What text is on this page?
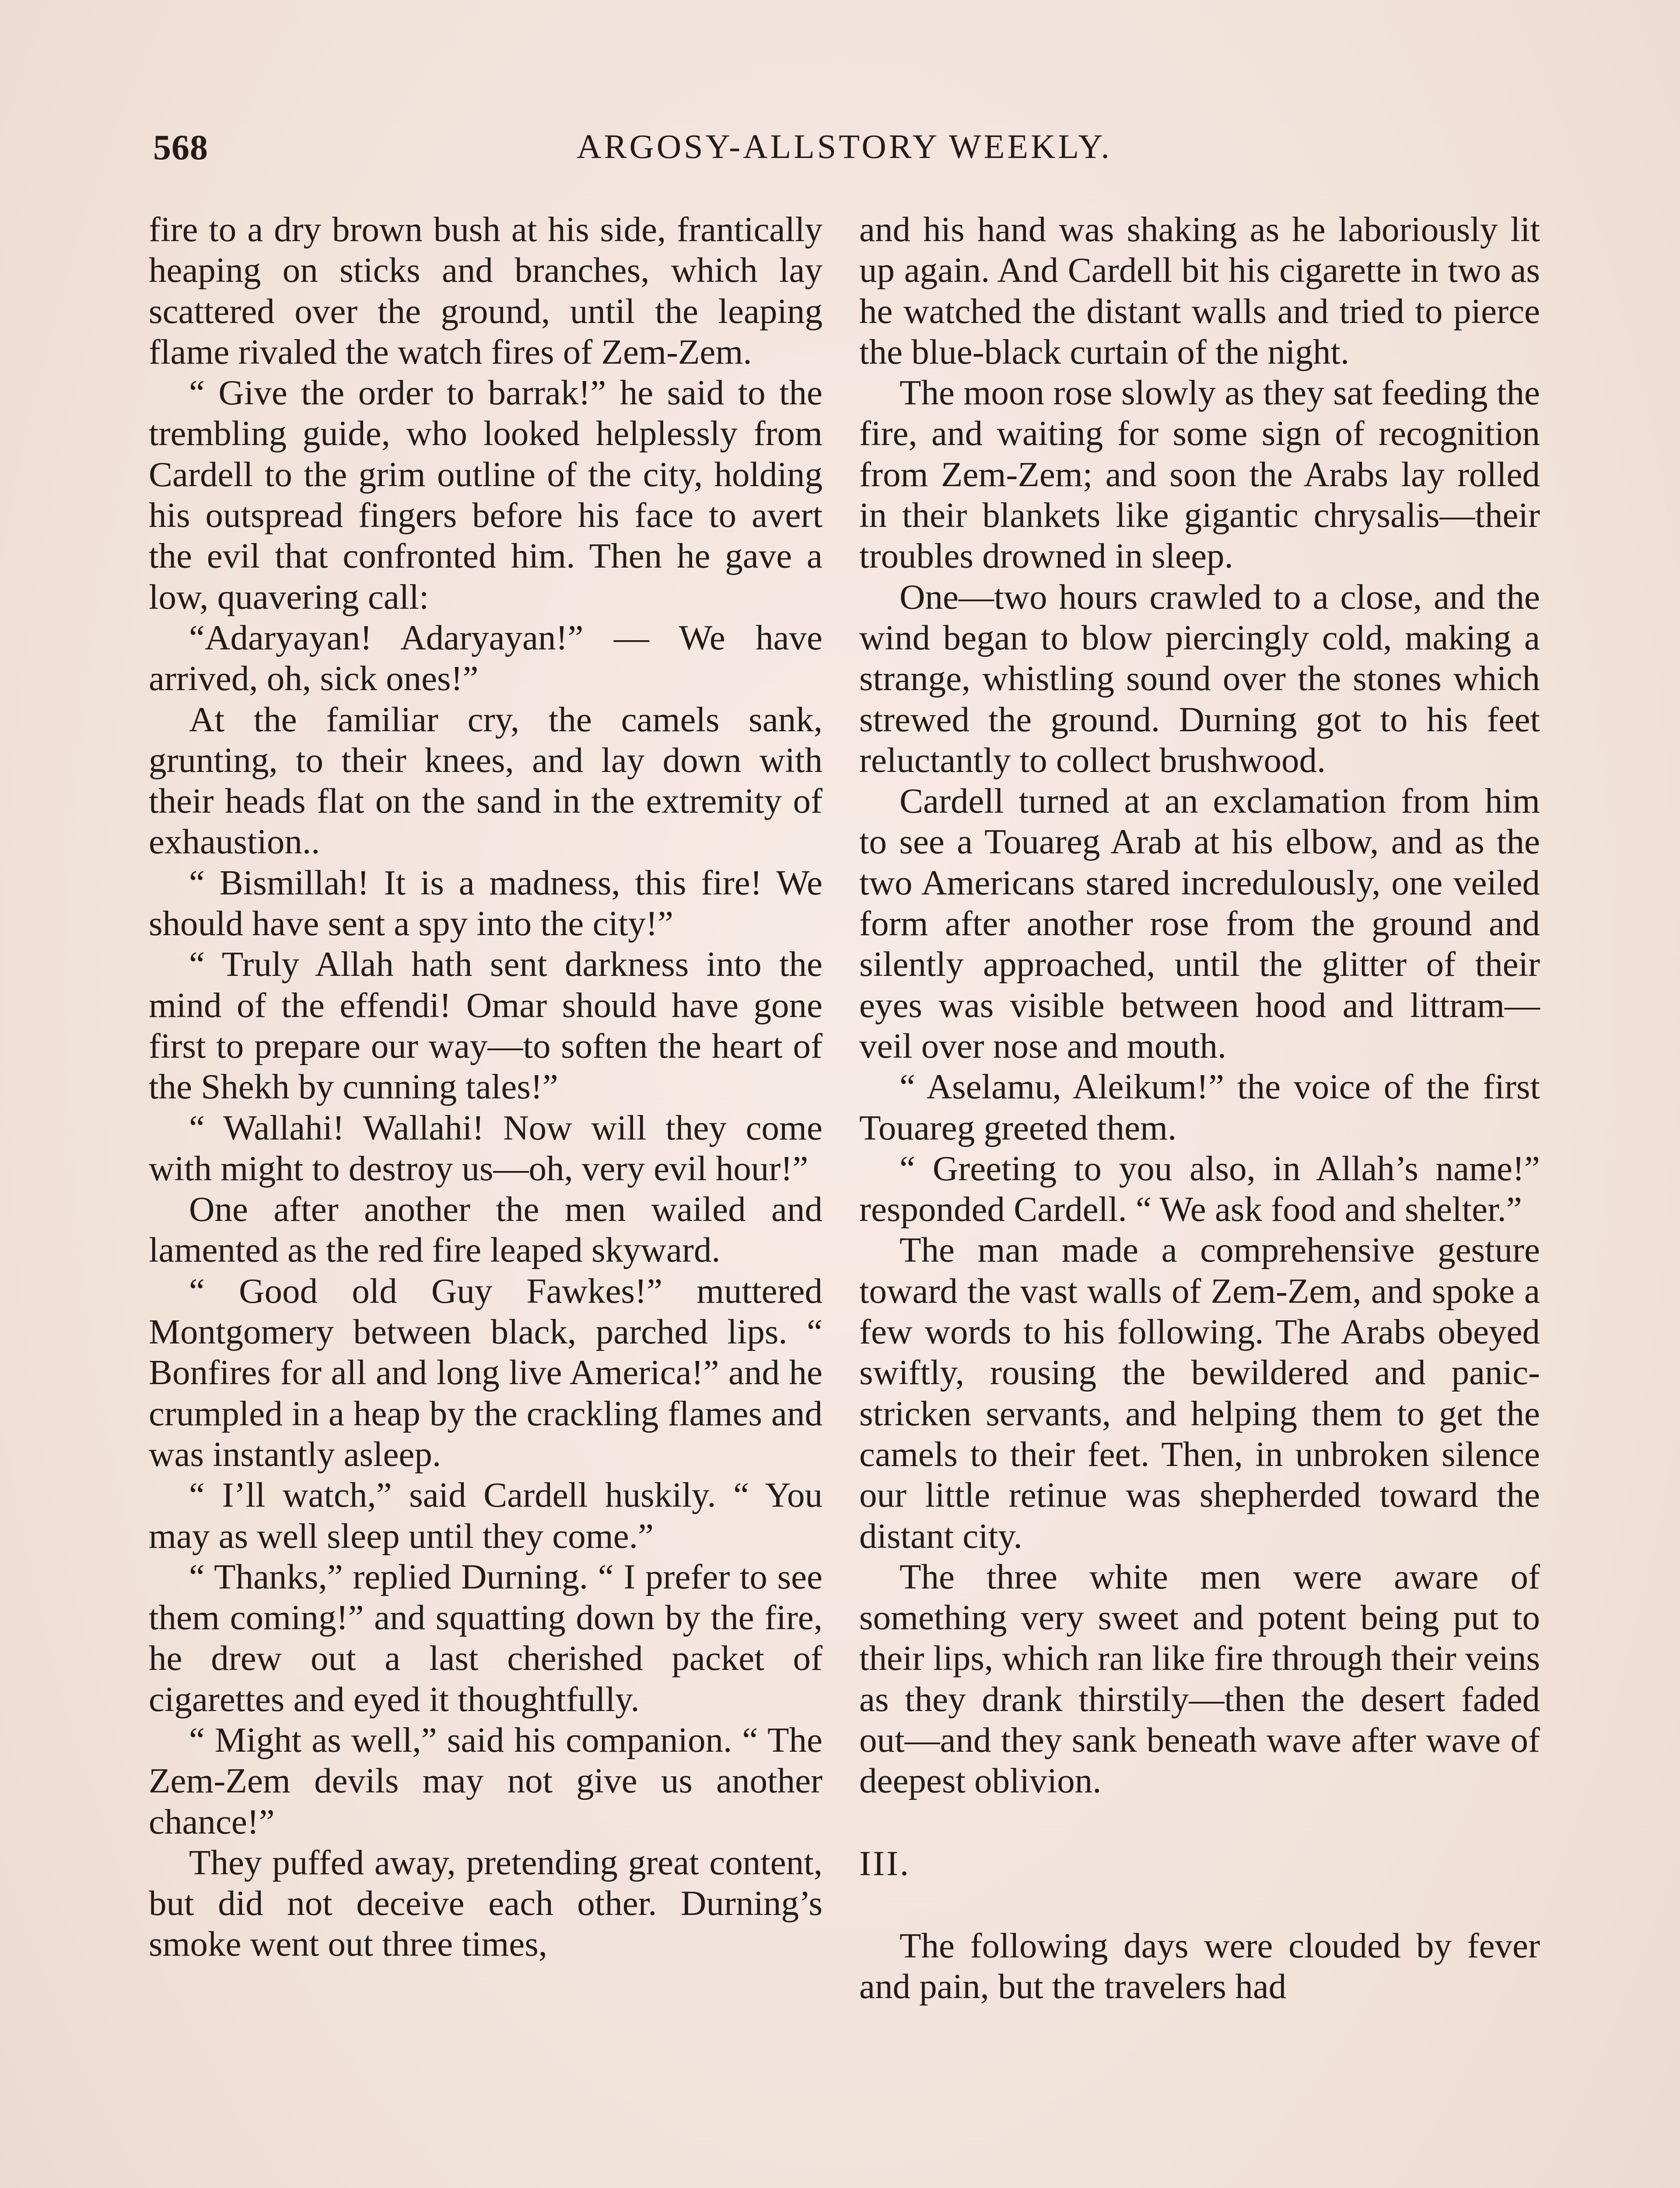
568	ARGOSY-ALLSTORY WEEKLY.

fire to a dry brown bush at his side, frantically heaping on sticks and branches, which lay scattered over the ground, until the leaping flame rivaled the watch fires of Zem-Zem.

“ Give the order to barrak!” he said to the trembling guide, who looked helplessly from Cardell to the grim outline of the city, holding his outspread fingers before his face to avert the evil that confronted him. Then he gave a low, quavering call:

“Adaryayan! Adaryayan!” — We have arrived, oh, sick ones!”

At the familiar cry, the camels sank, grunting, to their knees, and lay down with their heads flat on the sand in the extremity of exhaustion..

“ Bismillah! It is a madness, this fire! We should have sent a spy into the city!”

“ Truly Allah hath sent darkness into the mind of the effendi! Omar should have gone first to prepare our way—to soften the heart of the Shekh by cunning tales!”

“ Wallahi! Wallahi! Now will they come with might to destroy us—oh, very evil hour!”

One after another the men wailed and lamented as the red fire leaped skyward.

“ Good old Guy Fawkes!” muttered Montgomery between black, parched lips. “ Bonfires for all and long live America!” and he crumpled in a heap by the crackling flames and was instantly asleep.

“ I’ll watch,” said Cardell huskily. “ You may as well sleep until they come.”

“ Thanks,” replied Durning. “ I prefer to see them coming!” and squatting down by the fire, he drew out a last cherished packet of cigarettes and eyed it thoughtfully.

“ Might as well,” said his companion. “ The Zem-Zem devils may not give us another chance!”

They puffed away, pretending great content, but did not deceive each other. Durning’s smoke went out three times,

and his hand was shaking as he laboriously lit up again. And Cardell bit his cigarette in two as he watched the distant walls and tried to pierce the blue-black curtain of the night.

The moon rose slowly as they sat feeding the fire, and waiting for some sign of recognition from Zem-Zem; and soon the Arabs lay rolled in their blankets like gigantic chrysalis—their troubles drowned in sleep.

One—two hours crawled to a close, and the wind began to blow piercingly cold, making a strange, whistling sound over the stones which strewed the ground. Durning got to his feet reluctantly to collect brushwood.

Cardell turned at an exclamation from him to see a Touareg Arab at his elbow, and as the two Americans stared incredulously, one veiled form after another rose from the ground and silently approached, until the glitter of their eyes was visible between hood and littram—veil over nose and mouth.

“ Aselamu, Aleikum!” the voice of the first Touareg greeted them.

“ Greeting to you also, in Allah’s name!” responded Cardell. “ We ask food and shelter.”

The man made a comprehensive gesture toward the vast walls of Zem-Zem, and spoke a few words to his following. The Arabs obeyed swiftly, rousing the bewildered and panic-stricken servants, and helping them to get the camels to their feet. Then, in unbroken silence our little retinue was shepherded toward the distant city.

The three white men were aware of something very sweet and potent being put to their lips, which ran like fire through their veins as they drank thirstily—then the desert faded out—and they sank beneath wave after wave of deepest oblivion.

III.

The following days were clouded by fever and pain, but the travelers had
